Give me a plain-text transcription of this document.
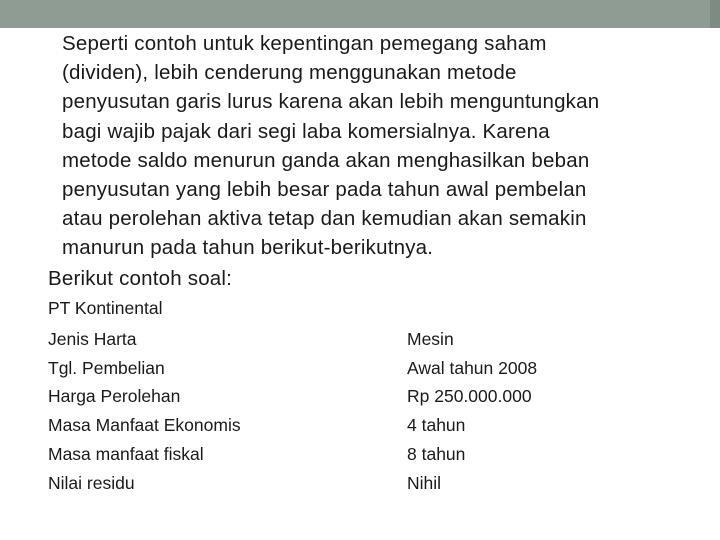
Seperti contoh untuk kepentingan pemegang saham
(dividen), lebih cenderung menggunakan metode
penyusutan garis lurus karena akan lebih menguntungkan
bagi wajib pajak dari segi laba komersialnya. Karena
metode saldo menurun ganda akan menghasilkan beban
penyusutan yang lebih besar pada tahun awal pembelan
atau perolehan aktiva tetap dan kemudian akan semakin
manurun pada tahun berikut-berikutnya.
Berikut contoh soal:
PT Kontinental
Jenis Harta	Mesin
Tgl. Pembelian	Awal tahun 2008
Harga Perolehan	Rp 250.000.000
Masa Manfaat Ekonomis	4 tahun
Masa manfaat fiskal	8 tahun
Nilai residu	Nihil
